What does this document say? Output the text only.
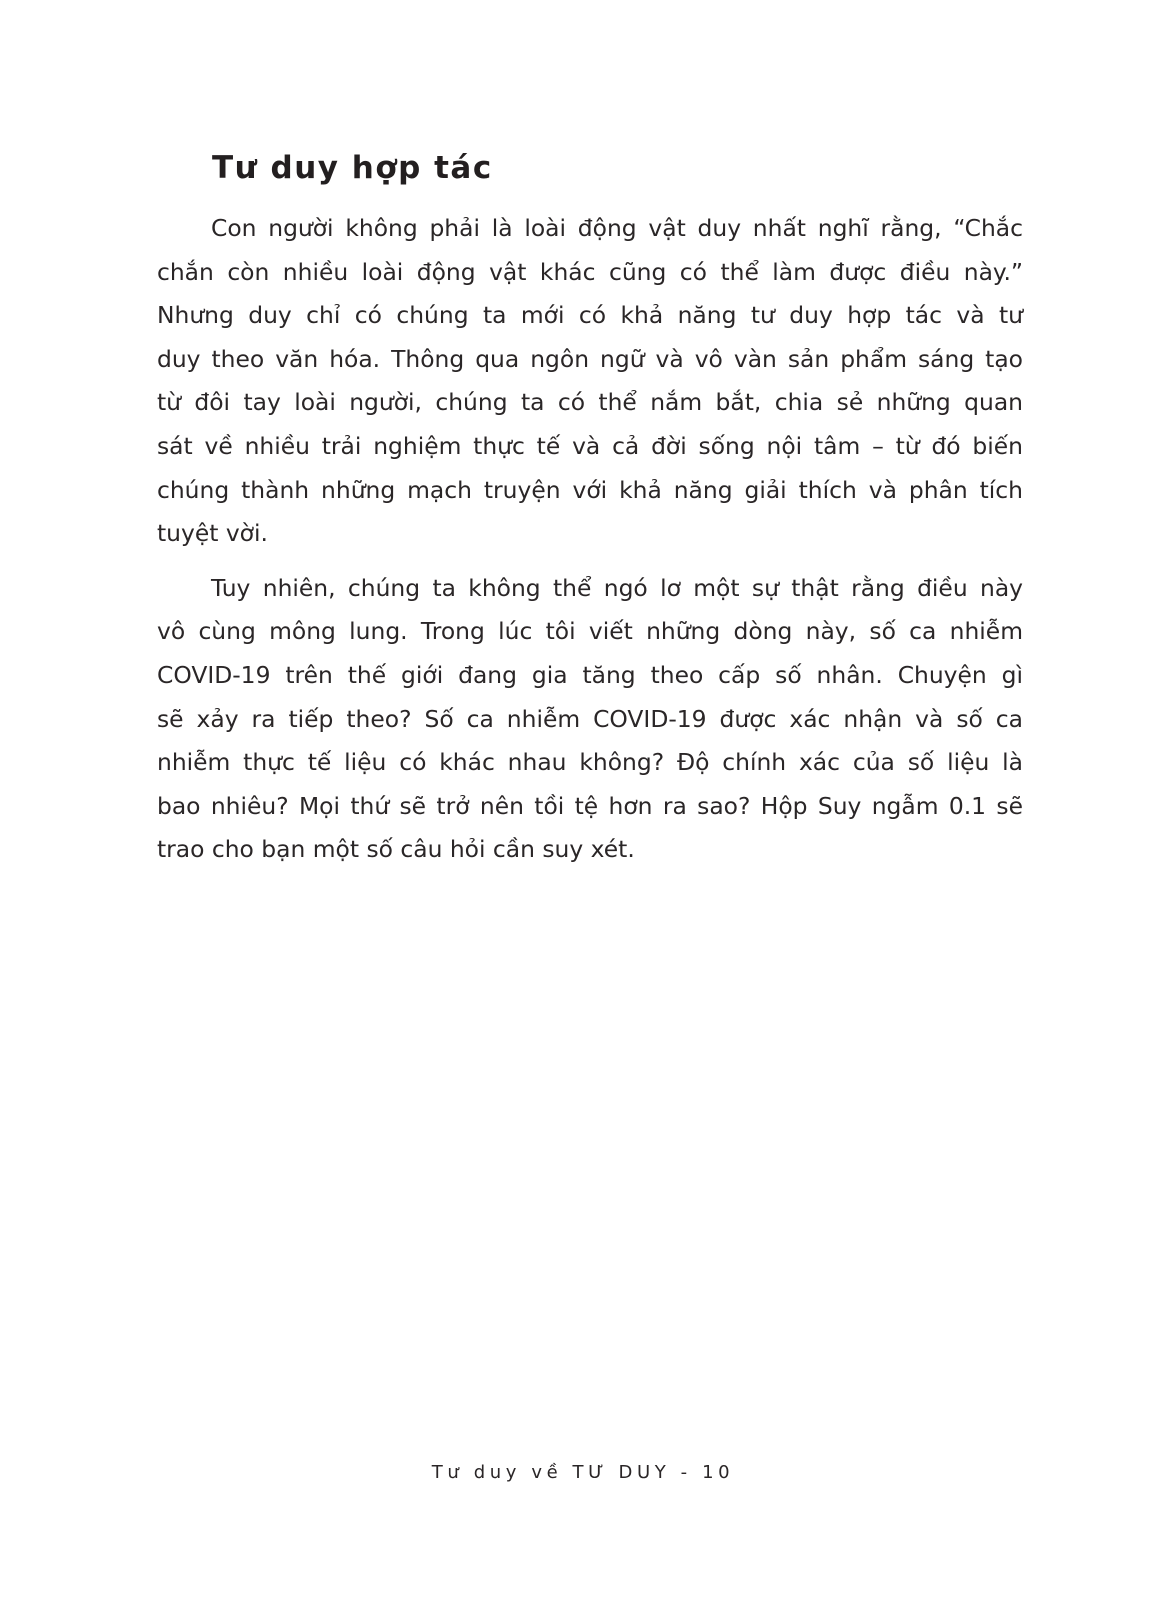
Tư duy hợp tác
Con người không phải là loài động vật duy nhất nghĩ rằng, “Chắc
chắn còn nhiều loài động vật khác cũng có thể làm được điều này.”
Nhưng duy chỉ có chúng ta mới có khả năng tư duy hợp tác và tư
duy theo văn hóa. Thông qua ngôn ngữ và vô vàn sản phẩm sáng tạo
từ đôi tay loài người, chúng ta có thể nắm bắt, chia sẻ những quan
sát về nhiều trải nghiệm thực tế và cả đời sống nội tâm – từ đó biến
chúng thành những mạch truyện với khả năng giải thích và phân tích
tuyệt vời.
Tuy nhiên, chúng ta không thể ngó lơ một sự thật rằng điều này
vô cùng mông lung. Trong lúc tôi viết những dòng này, số ca nhiễm
COVID-19 trên thế giới đang gia tăng theo cấp số nhân. Chuyện gì
sẽ xảy ra tiếp theo? Số ca nhiễm COVID-19 được xác nhận và số ca
nhiễm thực tế liệu có khác nhau không? Độ chính xác của số liệu là
bao nhiêu? Mọi thứ sẽ trở nên tồi tệ hơn ra sao? Hộp Suy ngẫm 0.1 sẽ
trao cho bạn một số câu hỏi cần suy xét.
Tư duy về TƯ DUY - 10
